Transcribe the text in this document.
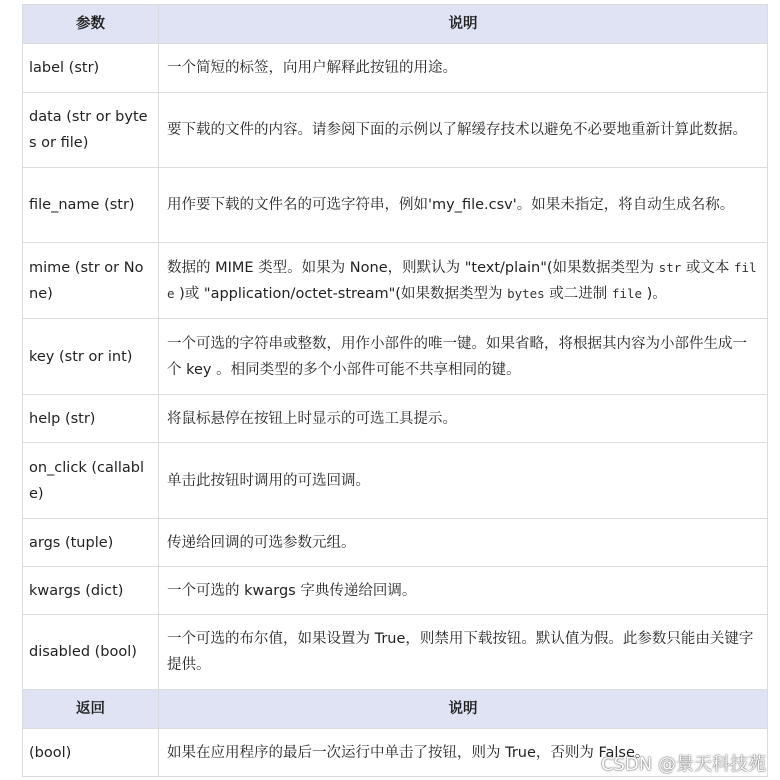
参数	说明
label (str)	一个简短的标签，向用户解释此按钮的用途。
data (str or bytes or file)	要下载的文件的内容。请参阅下面的示例以了解缓存技术以避免不必要地重新计算此数据。
file_name (str)	用作要下载的文件名的可选字符串，例如'my_file.csv'。如果未指定，将自动生成名称。
mime (str or None)	数据的 MIME 类型。如果为 None，则默认为 "text/plain"(如果数据类型为 str 或文本 file )或 "application/octet-stream"(如果数据类型为 bytes 或二进制 file )。
key (str or int)	一个可选的字符串或整数，用作小部件的唯一键。如果省略，将根据其内容为小部件生成一个 key 。相同类型的多个小部件可能不共享相同的键。
help (str)	将鼠标悬停在按钮上时显示的可选工具提示。
on_click (callable)	单击此按钮时调用的可选回调。
args (tuple)	传递给回调的可选参数元组。
kwargs (dict)	一个可选的 kwargs 字典传递给回调。
disabled (bool)	一个可选的布尔值，如果设置为 True，则禁用下载按钮。默认值为假。此参数只能由关键字提供。
返回	说明
(bool)	如果在应用程序的最后一次运行中单击了按钮，则为 True，否则为 False。
CSDN @景天科技苑
